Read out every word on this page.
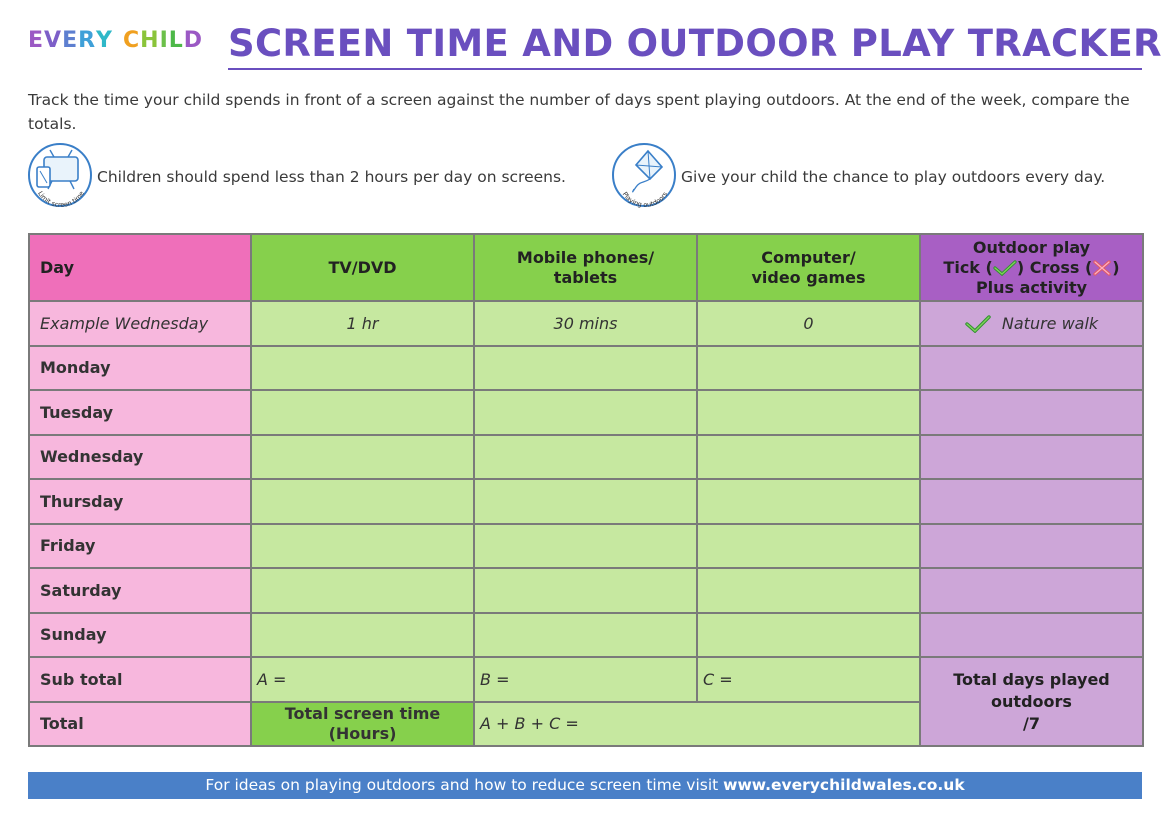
EVERY CHILD SCREEN TIME AND OUTDOOR PLAY TRACKER
Track the time your child spends in front of a screen against the number of days spent playing outdoors. At the end of the week, compare the totals.
Limit screen time
Children should spend less than 2 hours per day on screens.
Playing outdoors
Give your child the chance to play outdoors every day.
Day	TV/DVD	Mobile phones/ tablets	Computer/ video games	Outdoor play
Tick ( ) Cross ( )
Plus activity

Example Wednesday	1 hr	30 mins	0	Nature walk
Monday				
Tuesday				
Wednesday				
Thursday				
Friday				
Saturday				
Sunday				
Sub total	A =	B =	C =	Total days played outdoors
/7

Total	Total screen time (Hours)	A + B + C =		
For ideas on playing outdoors and how to reduce screen time visit www.everychildwales.co.uk
